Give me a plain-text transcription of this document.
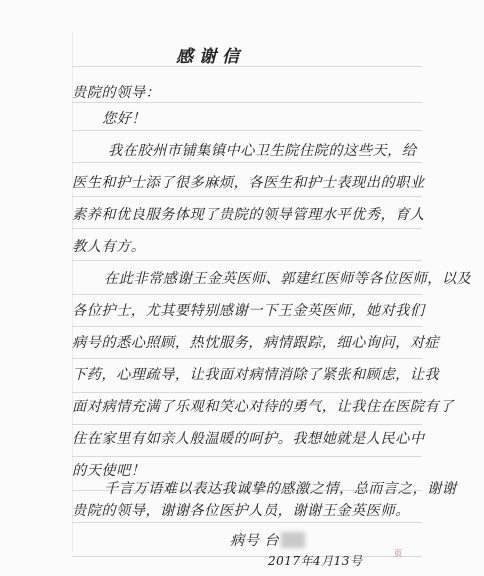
感谢信
贵院的领导：
您好！
我在胶州市铺集镇中心卫生院住院的这些天，给
医生和护士添了很多麻烦，各医生和护士表现出的职业
素养和优良服务体现了贵院的领导管理水平优秀，育人
教人有方。
在此非常感谢王金英医师、郭建红医师等各位医师，以及
各位护士，尤其要特别感谢一下王金英医师，她对我们
病号的悉心照顾，热忱服务，病情跟踪，细心询问，对症
下药，心理疏导，让我面对病情消除了紧张和顾虑，让我
面对病情充满了乐观和笑心对待的勇气，让我住在医院有了
住在家里有如亲人般温暖的呵护。我想她就是人民心中
的天使吧！
千言万语难以表达我诚挚的感激之情，总而言之，谢谢
贵院的领导，谢谢各位医护人员，谢谢王金英医师。
病号 台
2017年4月13号
页
